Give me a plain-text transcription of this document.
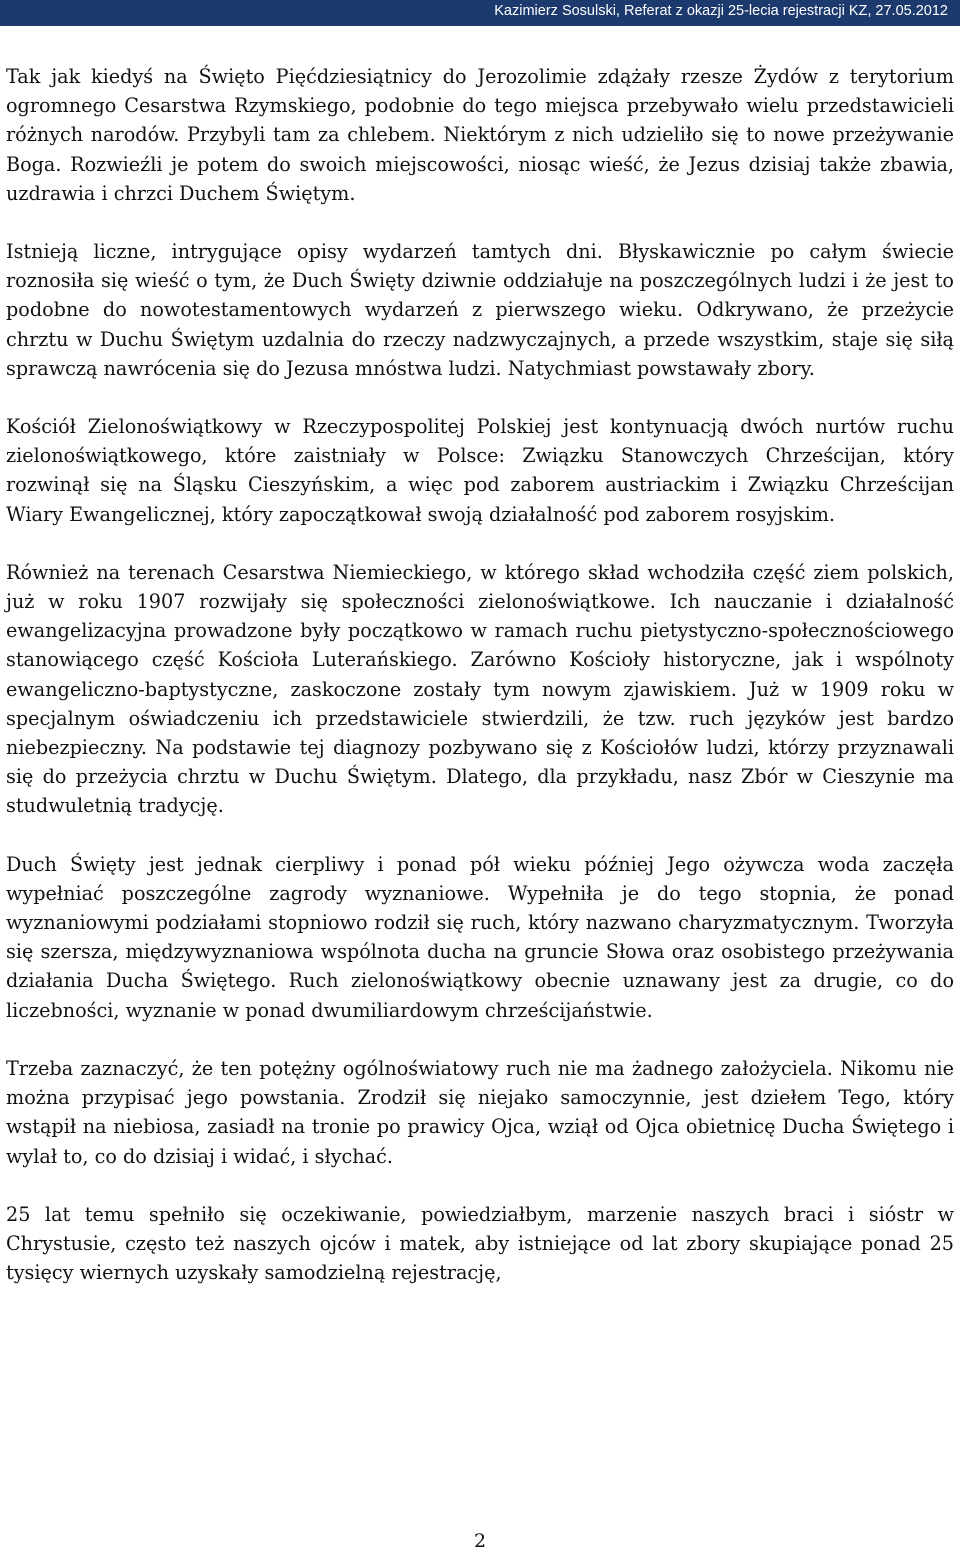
Kazimierz Sosulski, Referat z okazji 25-lecia rejestracji KZ, 27.05.2012

Tak jak kiedyś na Święto Pięćdziesiątnicy do Jerozolimie zdążały rzesze Żydów z terytorium ogromnego Cesarstwa Rzymskiego, podobnie do tego miejsca przebywało wielu przedstawicieli różnych narodów. Przybyli tam za chlebem. Niektórym z nich udzieliło się to nowe przeżywanie Boga. Rozwieźli je potem do swoich miejscowości, niosąc wieść, że Jezus dzisiaj także zbawia, uzdrawia i chrzci Duchem Świętym.

Istnieją liczne, intrygujące opisy wydarzeń tamtych dni. Błyskawicznie po całym świecie roznosiła się wieść o tym, że Duch Święty dziwnie oddziałuje na poszczególnych ludzi i że jest to podobne do nowotestamentowych wydarzeń z pierwszego wieku. Odkrywano, że przeżycie chrztu w Duchu Świętym uzdalnia do rzeczy nadzwyczajnych, a przede wszystkim, staje się siłą sprawczą nawrócenia się do Jezusa mnóstwa ludzi. Natychmiast powstawały zbory.

Kościół Zielonoświątkowy w Rzeczypospolitej Polskiej jest kontynuacją dwóch nurtów ruchu zielonoświątkowego, które zaistniały w Polsce: Związku Stanowczych Chrześcijan, który rozwinął się na Śląsku Cieszyńskim, a więc pod zaborem austriackim i Związku Chrześcijan Wiary Ewangelicznej, który zapoczątkował swoją działalność pod zaborem rosyjskim.

Również na terenach Cesarstwa Niemieckiego, w którego skład wchodziła część ziem polskich, już w roku 1907 rozwijały się społeczności zielonoświątkowe. Ich nauczanie i działalność ewangelizacyjna prowadzone były początkowo w ramach ruchu pietystyczno-społecznościowego stanowiącego część Kościoła Luterańskiego. Zarówno Kościoły historyczne, jak i wspólnoty ewangeliczno-baptystyczne, zaskoczone zostały tym nowym zjawiskiem. Już w 1909 roku w specjalnym oświadczeniu ich przedstawiciele stwierdzili, że tzw. ruch języków jest bardzo niebezpieczny. Na podstawie tej diagnozy pozbywano się z Kościołów ludzi, którzy przyznawali się do przeżycia chrztu w Duchu Świętym. Dlatego, dla przykładu, nasz Zbór w Cieszynie ma studwuletnią tradycję.

Duch Święty jest jednak cierpliwy i ponad pół wieku później Jego ożywcza woda zaczęła wypełniać poszczególne zagrody wyznaniowe. Wypełniła je do tego stopnia, że ponad wyznaniowymi podziałami stopniowo rodził się ruch, który nazwano charyzmatycznym. Tworzyła się szersza, międzywyznaniowa wspólnota ducha na gruncie Słowa oraz osobistego przeżywania działania Ducha Świętego. Ruch zielonoświątkowy obecnie uznawany jest za drugie, co do liczebności, wyznanie w ponad dwumiliardowym chrześcijaństwie.

Trzeba zaznaczyć, że ten potężny ogólnoświatowy ruch nie ma żadnego założyciela. Nikomu nie można przypisać jego powstania. Zrodził się niejako samoczynnie, jest dziełem Tego, który wstąpił na niebiosa, zasiadł na tronie po prawicy Ojca, wziął od Ojca obietnicę Ducha Świętego i wylał to, co do dzisiaj i widać, i słychać.

25 lat temu spełniło się oczekiwanie, powiedziałbym, marzenie naszych braci i sióstr w Chrystusie, często też naszych ojców i matek, aby istniejące od lat zbory skupiające ponad 25 tysięcy wiernych uzyskały samodzielną rejestrację,

2
